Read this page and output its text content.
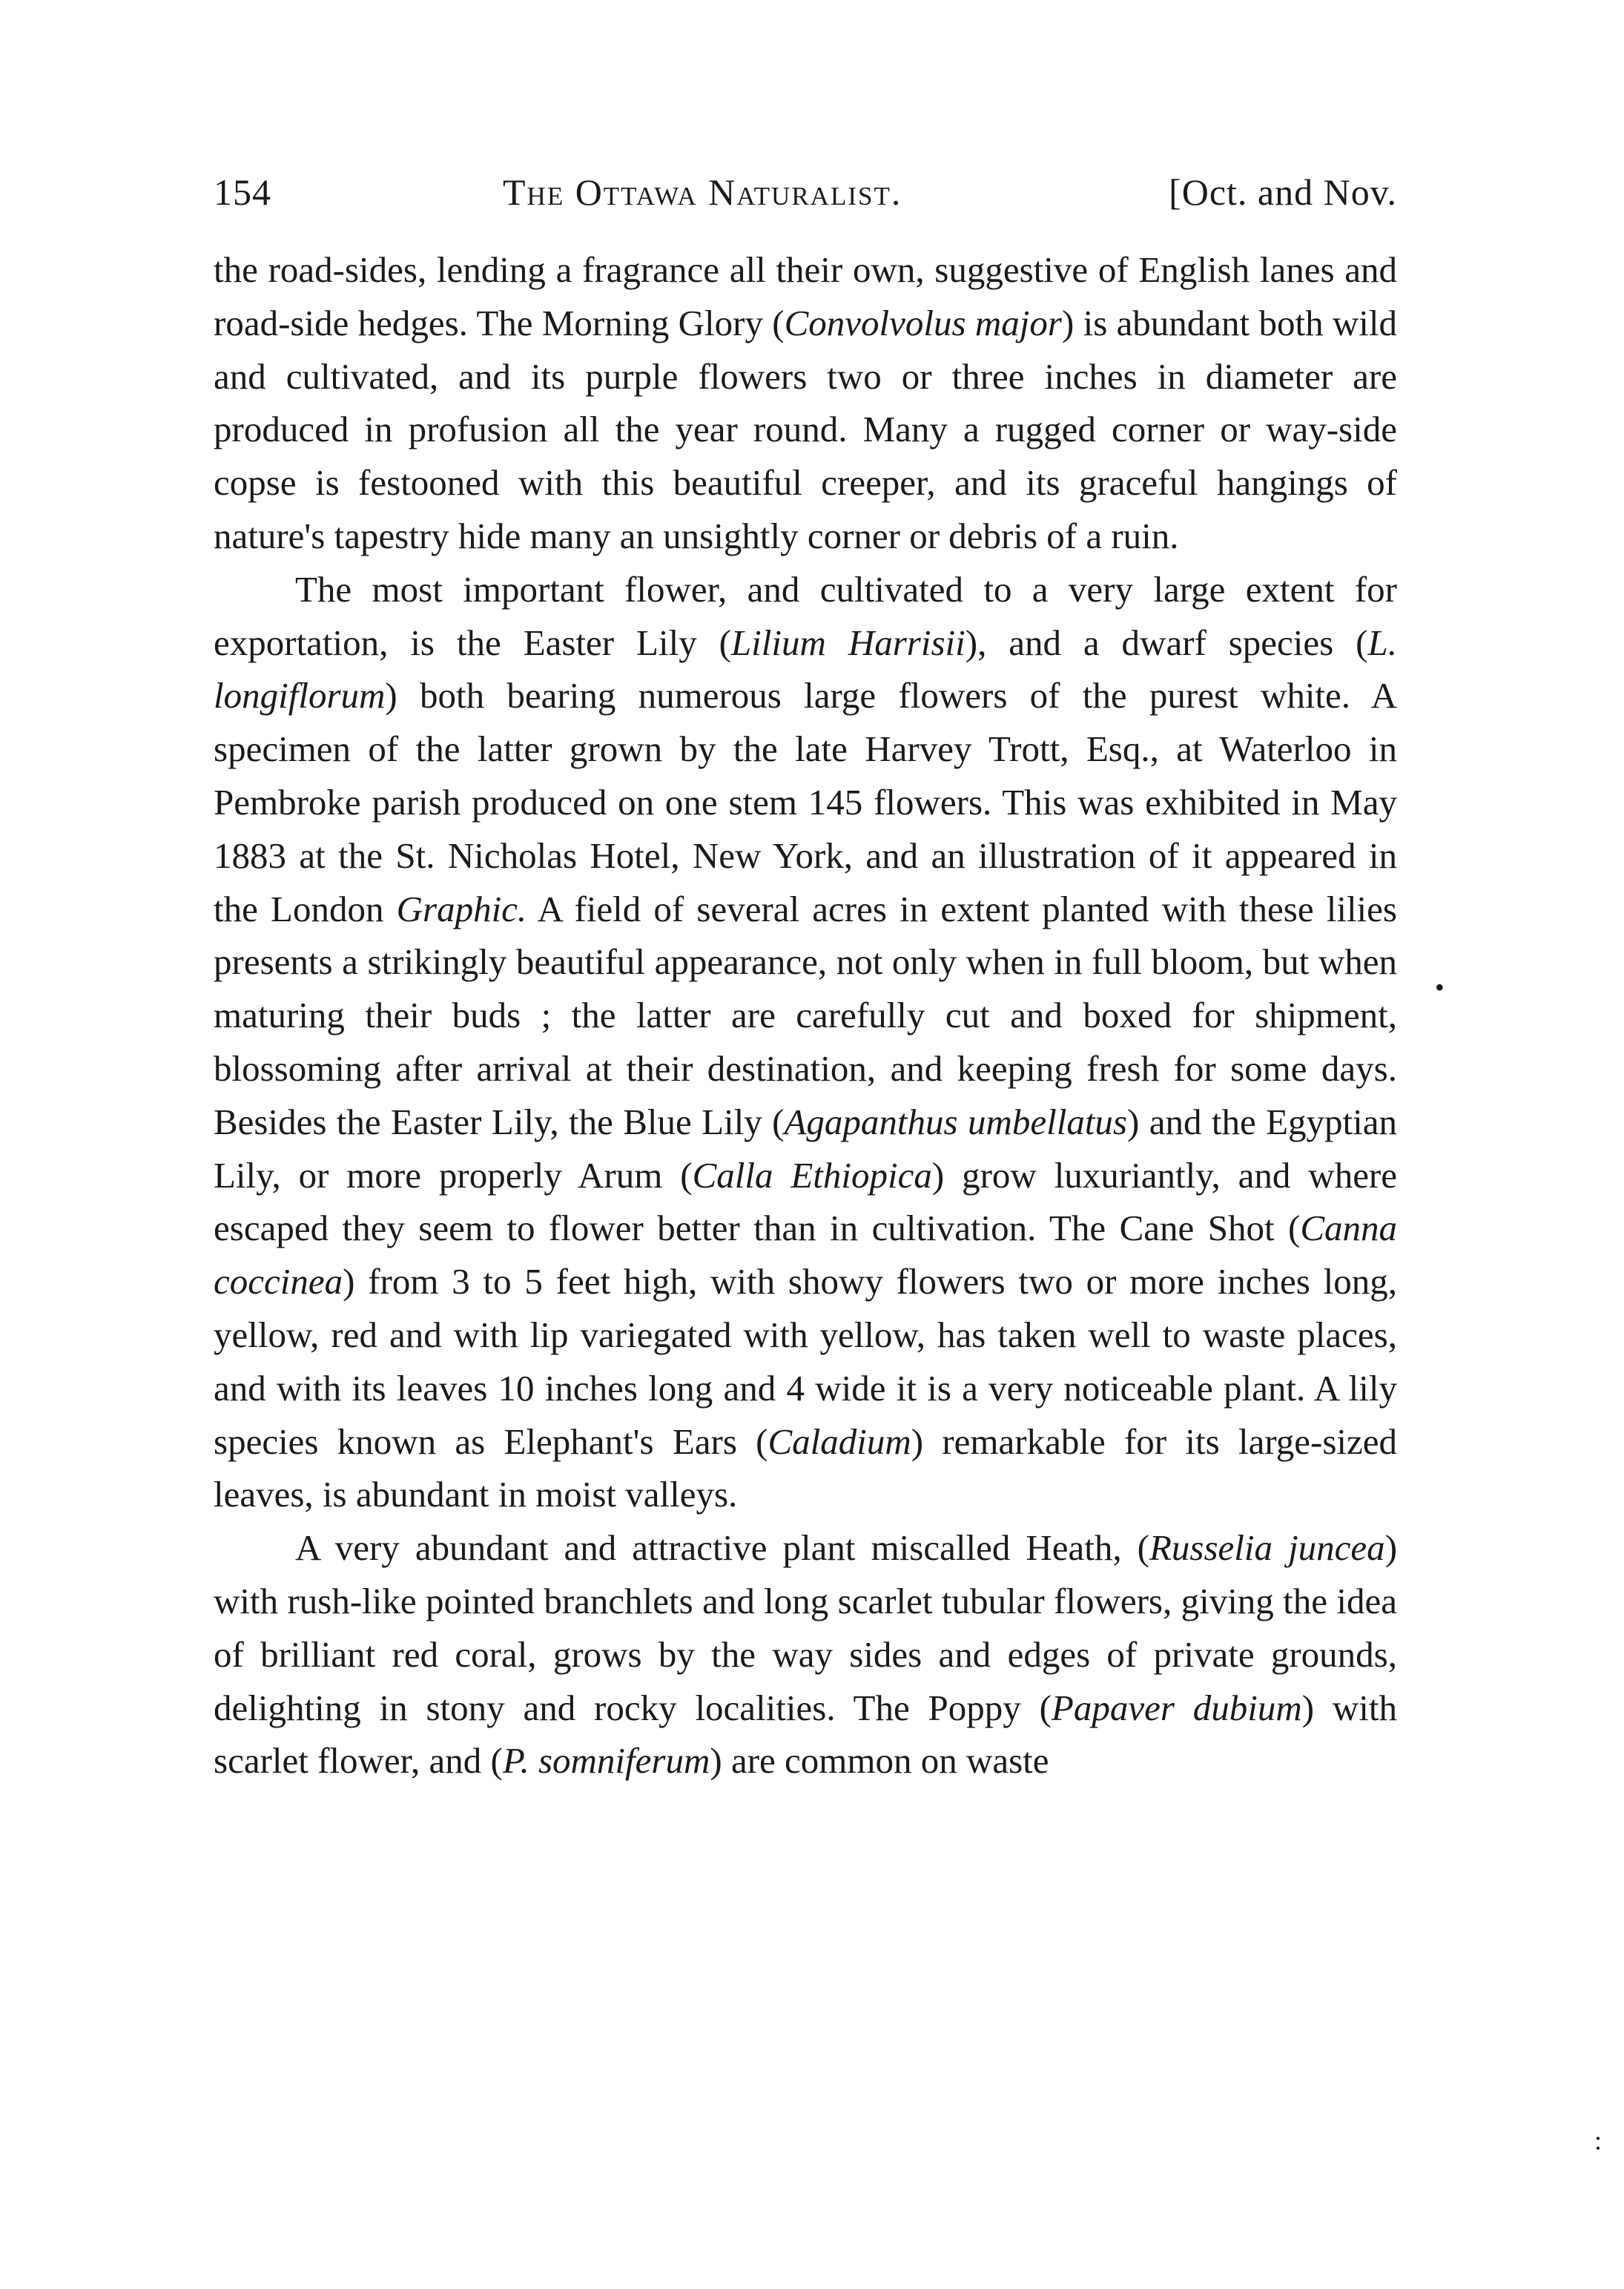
154	The Ottawa Naturalist.	[Oct. and Nov.

the road-sides, lending a fragrance all their own, suggestive of English lanes and road-side hedges. The Morning Glory (Convolvolus major) is abundant both wild and cultivated, and its purple flowers two or three inches in diameter are produced in profusion all the year round. Many a rugged corner or way-side copse is festooned with this beautiful creeper, and its graceful hangings of nature's tapestry hide many an unsightly corner or debris of a ruin.

The most important flower, and cultivated to a very large extent for exportation, is the Easter Lily (Lilium Harrisii), and a dwarf species (L. longiflorum) both bearing numerous large flowers of the purest white. A specimen of the latter grown by the late Harvey Trott, Esq., at Waterloo in Pembroke parish produced on one stem 145 flowers. This was exhibited in May 1883 at the St. Nicholas Hotel, New York, and an illustration of it appeared in the London Graphic. A field of several acres in extent planted with these lilies presents a strikingly beautiful appearance, not only when in full bloom, but when maturing their buds ; the latter are carefully cut and boxed for shipment, blossoming after arrival at their destination, and keeping fresh for some days. Besides the Easter Lily, the Blue Lily (Agapanthus umbellatus) and the Egyptian Lily, or more properly Arum (Calla Ethiopica) grow luxuriantly, and where escaped they seem to flower better than in cultivation. The Cane Shot (Canna coccinea) from 3 to 5 feet high, with showy flowers two or more inches long, yellow, red and with lip variegated with yellow, has taken well to waste places, and with its leaves 10 inches long and 4 wide it is a very noticeable plant. A lily species known as Elephant's Ears (Caladium) remarkable for its large-sized leaves, is abundant in moist valleys.

A very abundant and attractive plant miscalled Heath, (Russelia juncea) with rush-like pointed branchlets and long scarlet tubular flowers, giving the idea of brilliant red coral, grows by the way sides and edges of private grounds, delighting in stony and rocky localities. The Poppy (Papaver dubium) with scarlet flower, and (P. somniferum) are common on waste

•
:
